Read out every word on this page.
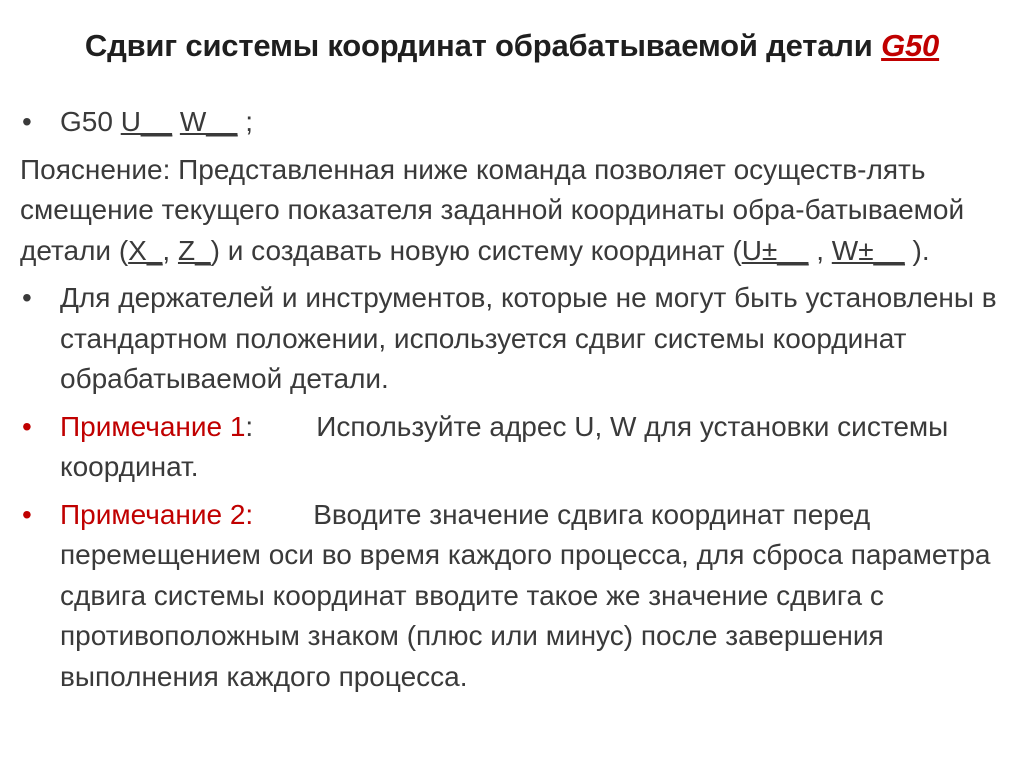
Сдвиг системы координат обрабатываемой детали G50
•	G50 U__ W__ ;
Пояснение: Представленная ниже команда позволяет осуществ-лять смещение текущего показателя заданной координаты обра-батываемой детали (X_, Z_) и создавать новую систему координат (U±__ , W±__ ).
•	Для держателей и инструментов, которые не могут быть установлены в стандартном положении, используется сдвиг системы координат обрабатываемой детали.
•	Примечание 1: Используйте адрес U, W для установки системы координат.
•	Примечание 2: Вводите значение сдвига координат перед перемещением оси во время каждого процесса, для сброса параметра сдвига системы координат вводите такое же значение сдвига с противоположным знаком (плюс или минус) после завершения выполнения каждого процесса.
